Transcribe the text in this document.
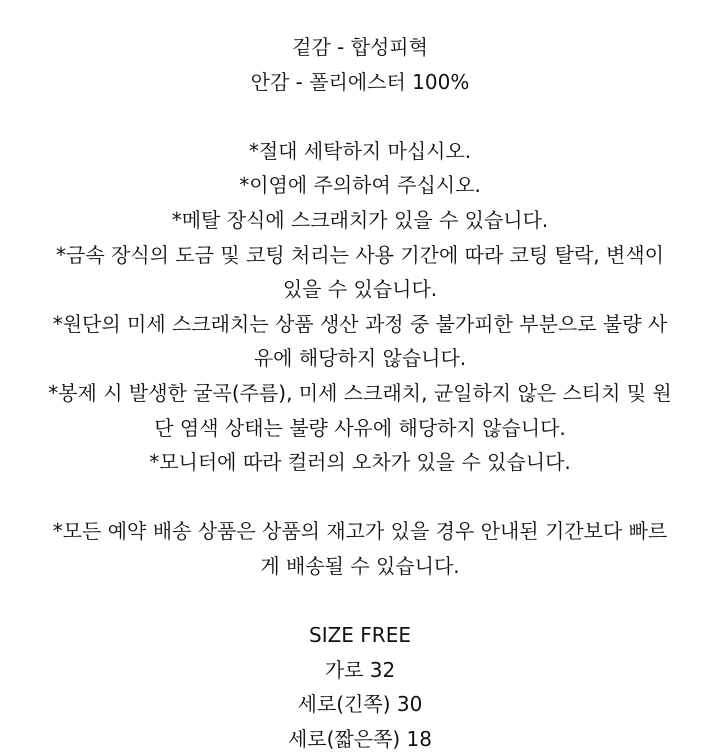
겉감 - 합성피혁
안감 - 폴리에스터 100%
*절대 세탁하지 마십시오.
*이염에 주의하여 주십시오.
*메탈 장식에 스크래치가 있을 수 있습니다.
*금속 장식의 도금 및 코팅 처리는 사용 기간에 따라 코팅 탈락, 변색이
있을 수 있습니다.
*원단의 미세 스크래치는 상품 생산 과정 중 불가피한 부분으로 불량 사
유에 해당하지 않습니다.
*봉제 시 발생한 굴곡(주름), 미세 스크래치, 균일하지 않은 스티치 및 원
단 염색 상태는 불량 사유에 해당하지 않습니다.
*모니터에 따라 컬러의 오차가 있을 수 있습니다.
*모든 예약 배송 상품은 상품의 재고가 있을 경우 안내된 기간보다 빠르
게 배송될 수 있습니다.
SIZE FREE
가로 32
세로(긴쪽) 30
세로(짧은쪽) 18
